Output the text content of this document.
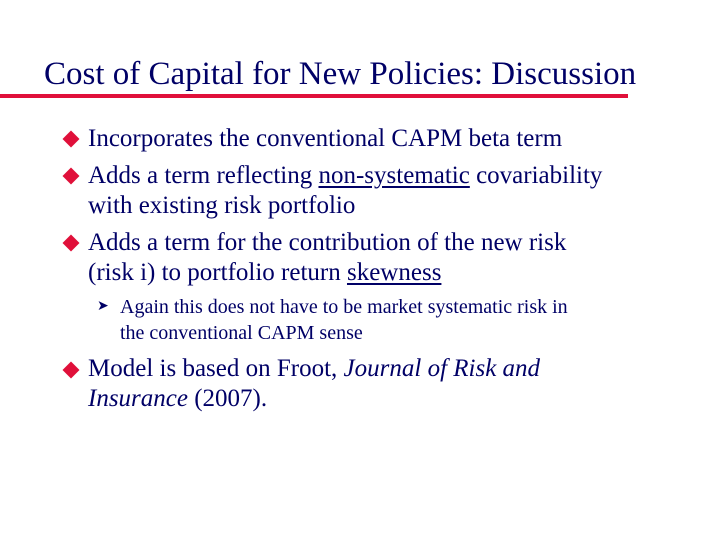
Cost of Capital for New Policies: Discussion
Incorporates the conventional CAPM beta term
Adds a term reflecting non-systematic covariability
with existing risk portfolio
Adds a term for the contribution of the new risk
(risk i) to portfolio return skewness
➤ Again this does not have to be market systematic risk in
the conventional CAPM sense
Model is based on Froot, Journal of Risk and
Insurance (2007).
